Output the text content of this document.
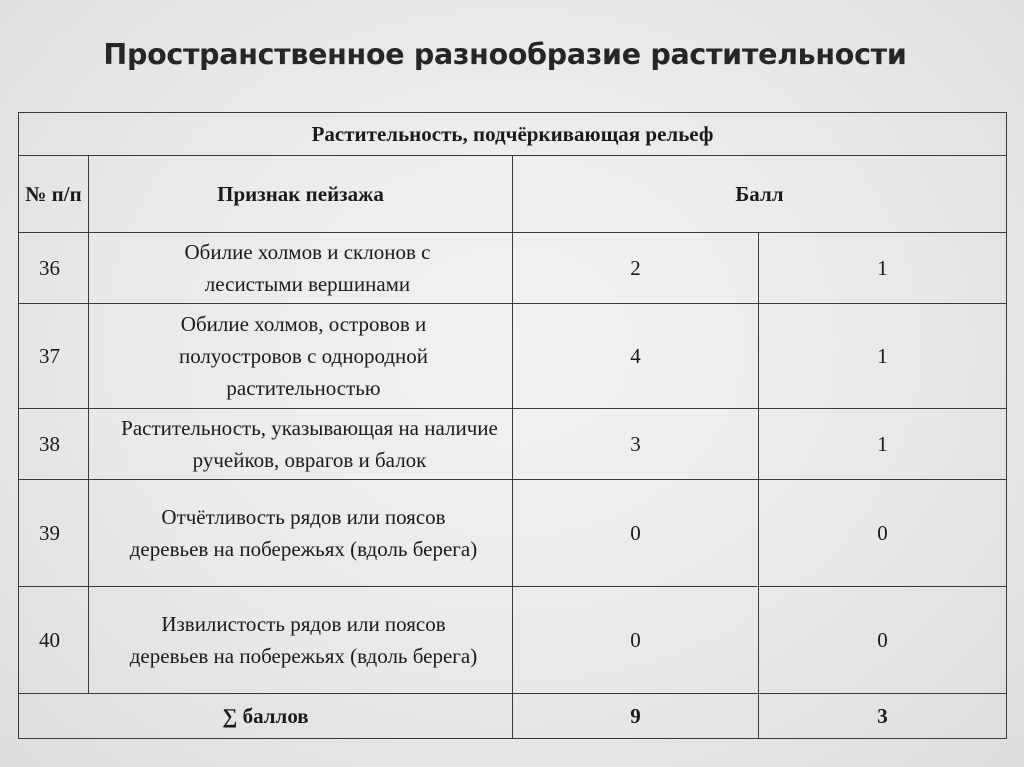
Пространственное разнообразие растительности
Растительность, подчёркивающая рельеф			
№ п/п	Признак пейзажа	Балл	
36	Обилие холмов и склонов с лесистыми вершинами	2	1
37	Обилие холмов, островов и полуостровов с однородной растительностью	4	1
38	Растительность, указывающая на наличие ручейков, оврагов и балок	3	1
39	Отчётливость рядов или поясов деревьев на побережьях (вдоль берега)	0	0
40	Извилистость рядов или поясов деревьев на побережьях (вдоль берега)	0	0
∑ баллов		9	3
